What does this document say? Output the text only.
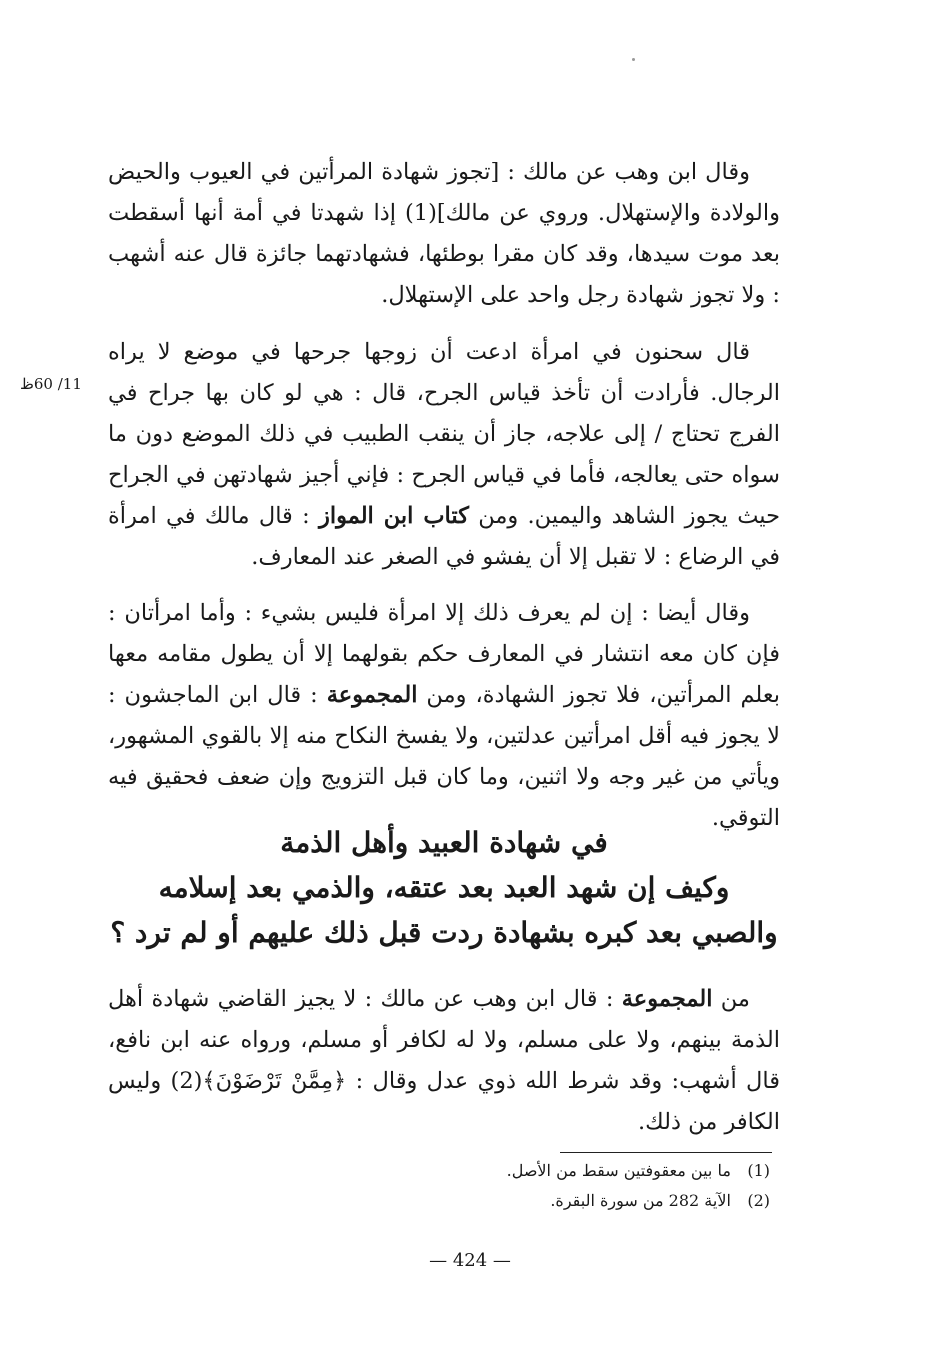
وقال ابن وهب عن مالك : [تجوز شهادة المرأتين في العيوب والحيض والولادة والإستهلال. وروي عن مالك](1) إذا شهدتا في أمة أنها أسقطت بعد موت سيدها، وقد كان مقرا بوطئها، فشهادتهما جائزة قال عنه أشهب : ولا تجوز شهادة رجل واحد على الإستهلال.

قال سحنون في امرأة ادعت أن زوجها جرحها في موضع لا يراه الرجال. فأرادت أن تأخذ قياس الجرح، قال : هي لو كان بها جراح في الفرج تحتاج / إلى علاجه، جاز أن ينقب الطبيب في ذلك الموضع دون ما سواه حتى يعالجه، فأما في قياس الجرح : فإني أجيز شهادتهن في الجراح حيث يجوز الشاهد واليمين. ومن كتاب ابن المواز : قال مالك في امرأة في الرضاع : لا تقبل إلا أن يفشو في الصغر عند المعارف.

11/ 60ظ

وقال أيضا : إن لم يعرف ذلك إلا امرأة فليس بشيء : وأما امرأتان : فإن كان معه انتشار في المعارف حكم بقولهما إلا أن يطول مقامه معها بعلم المرأتين، فلا تجوز الشهادة، ومن المجموعة : قال ابن الماجشون : لا يجوز فيه أقل امرأتين عدلتين، ولا يفسخ النكاح منه إلا بالقوي المشهور، ويأتي من غير وجه ولا اثنين، وما كان قبل التزويج وإن ضعف فحقيق فيه التوقي.

في شهادة العبيد وأهل الذمة
وكيف إن شهد العبد بعد عتقه، والذمي بعد إسلامه
والصبي بعد كبره بشهادة ردت قبل ذلك عليهم أو لم ترد ؟

من المجموعة : قال ابن وهب عن مالك : لا يجيز القاضي شهادة أهل الذمة بينهم، ولا على مسلم، ولا له لكافر أو مسلم، ورواه عنه ابن نافع، قال أشهب: وقد شرط الله ذوي عدل وقال : ﴿مِمَّنْ تَرْضَوْنَ﴾(2) وليس الكافر من ذلك.

(1) ما بين معقوفتين سقط من الأصل.
(2) الآية 282 من سورة البقرة.
— 424 —
